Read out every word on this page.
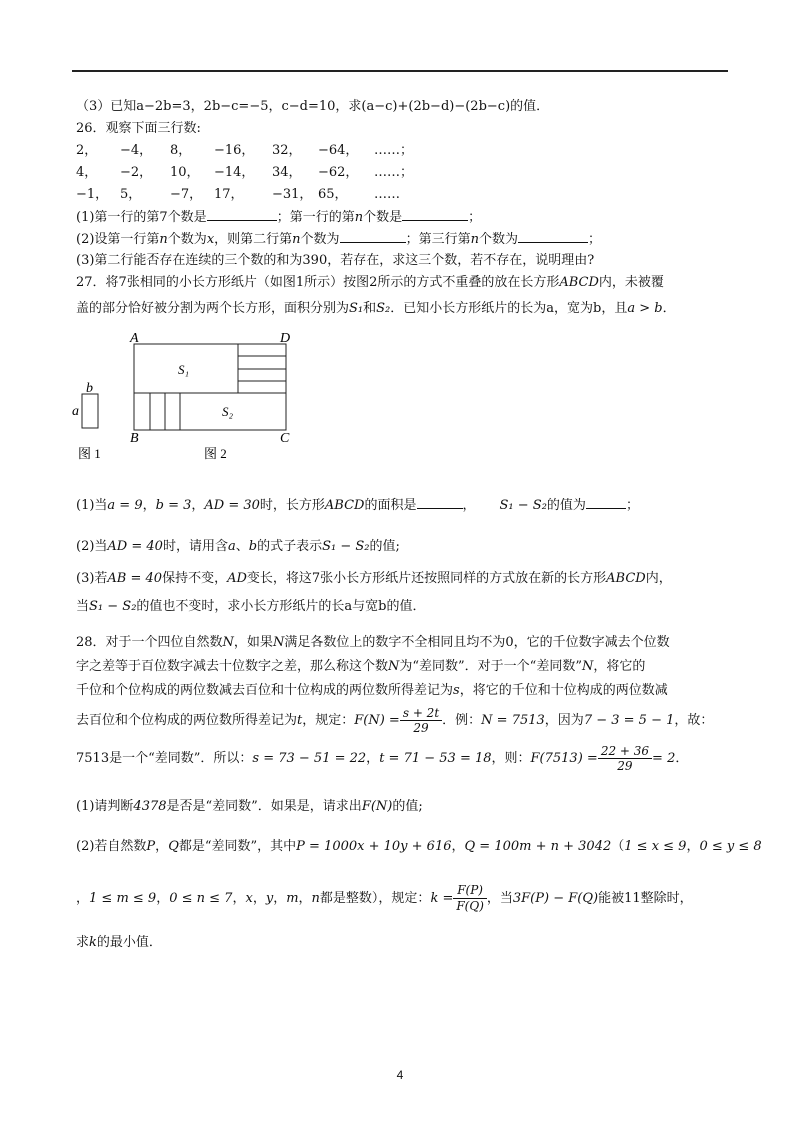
（3）已知a−2b=3，2b−c=−5，c−d=10，求(a−c)+(2b−d)−(2b−c)的值．
26．观察下面三行数:
2， −4， 8， −16， 32， −64， ……；
4， −2， 10， −14， 34， −62， ……；
−1， 5， −7， 17， −31， 65， ……
(1)第一行的第7个数是	；第一行的第n个数是	；
(2)设第一行第n个数为x，则第二行第n个数为	；第三行第n个数为	；
(3)第二行能否存在连续的三个数的和为390，若存在，求这三个数，若不存在，说明理由?
27．将7张相同的小长方形纸片（如图1所示）按图2所示的方式不重叠的放在长方形ABCD内，未被覆
盖的部分恰好被分割为两个长方形，面积分别为S₁和S₂．已知小长方形纸片的长为a，宽为b，且a > b．
b
a
图 1
A	D
B	C
S₁
S₂
图 2
(1)当a = 9，b = 3，AD = 30时，长方形ABCD的面积是	， S₁ − S₂的值为	；
(2)当AD = 40时，请用含a、b的式子表示S₁ − S₂的值;
(3)若AB = 40保持不变，AD变长，将这7张小长方形纸片还按照同样的方式放在新的长方形ABCD内，
当S₁ − S₂的值也不变时，求小长方形纸片的长a与宽b的值．
28．对于一个四位自然数N，如果N满足各数位上的数字不全相同且均不为0，它的千位数字减去个位数
字之差等于百位数字减去十位数字之差，那么称这个数N为“差同数”．对于一个“差同数”N，将它的
千位和个位构成的两位数减去百位和十位构成的两位数所得差记为s，将它的千位和十位构成的两位数减
去百位和个位构成的两位数所得差记为t，规定：$F(N) = \frac{s + 2t}{29}$ ．例：N = 7513，因为7 − 3 = 5 − 1，故：
7513是一个“差同数”．所以：s = 73 − 51 = 22，t = 71 − 53 = 18，则：$F(7513) = \frac{22 + 36}{29} = 2$．
(1)请判断4378是否是“差同数”．如果是，请求出F(N)的值;
(2)若自然数P，Q都是“差同数”，其中P = 1000x + 10y + 616，Q = 100m + n + 3042（1 ≤ x ≤ 9，0 ≤ y ≤ 8
，1 ≤ m ≤ 9，0 ≤ n ≤ 7，x，y，m，n都是整数），规定：$k = \frac{F(P)}{F(Q)}$ ，当3F(P) − F(Q)能被11整除时，
求k的最小值．
4
